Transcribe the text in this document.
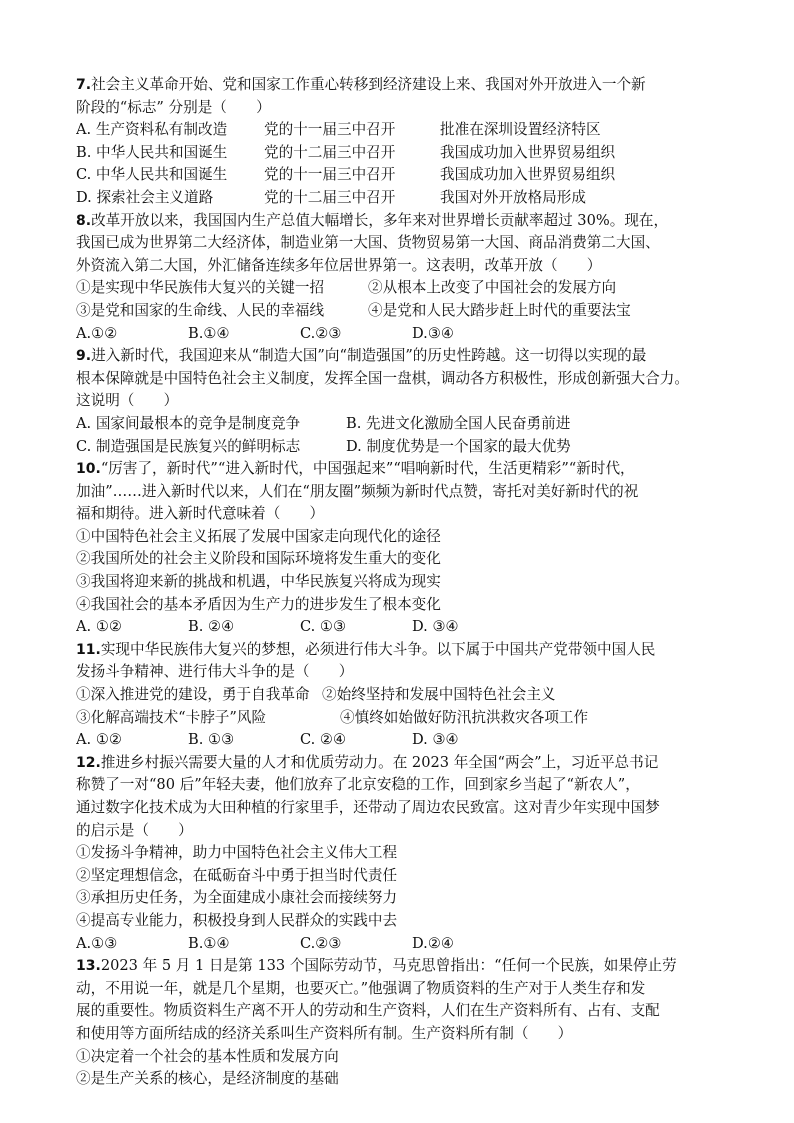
7.社会主义革命开始、党和国家工作重心转移到经济建设上来、我国对外开放进入一个新
阶段的“标志” 分别是（　　）
A. 生产资料私有制改造	党的十一届三中召开	批准在深圳设置经济特区
B. 中华人民共和国诞生	党的十二届三中召开	我国成功加入世界贸易组织
C. 中华人民共和国诞生	党的十一届三中召开	我国成功加入世界贸易组织
D. 探索社会主义道路	党的十二届三中召开	我国对外开放格局形成
8.改革开放以来，我国国内生产总值大幅增长，多年来对世界增长贡献率超过 30%。现在，
我国已成为世界第二大经济体，制造业第一大国、货物贸易第一大国、商品消费第二大国、
外资流入第二大国，外汇储备连续多年位居世界第一。这表明，改革开放（　　）
①是实现中华民族伟大复兴的关键一招	②从根本上改变了中国社会的发展方向
③是党和国家的生命线、人民的幸福线	④是党和人民大踏步赶上时代的重要法宝
A.①②	B.①④	C.②③	D.③④
9.进入新时代，我国迎来从“制造大国”向“制造强国”的历史性跨越。这一切得以实现的最
根本保障就是中国特色社会主义制度，发挥全国一盘棋，调动各方积极性，形成创新强大合力。
这说明（　　）
A. 国家间最根本的竞争是制度竞争	B. 先进文化激励全国人民奋勇前进
C. 制造强国是民族复兴的鲜明标志	D. 制度优势是一个国家的最大优势
10.“厉害了，新时代”“进入新时代，中国强起来”“唱响新时代，生活更精彩”“新时代，
加油”……进入新时代以来，人们在“朋友圈”频频为新时代点赞，寄托对美好新时代的祝
福和期待。进入新时代意味着（　　）
①中国特色社会主义拓展了发展中国家走向现代化的途径
②我国所处的社会主义阶段和国际环境将发生重大的变化
③我国将迎来新的挑战和机遇，中华民族复兴将成为现实
④我国社会的基本矛盾因为生产力的进步发生了根本变化
A. ①②	B. ②④	C. ①③	D. ③④
11.实现中华民族伟大复兴的梦想，必须进行伟大斗争。以下属于中国共产党带领中国人民
发扬斗争精神、进行伟大斗争的是（　　）
①深入推进党的建设，勇于自我革命 ②始终坚持和发展中国特色社会主义
③化解高端技术“卡脖子”风险	④慎终如始做好防汛抗洪救灾各项工作
A. ①②	B. ①③	C. ②④	D. ③④
12.推进乡村振兴需要大量的人才和优质劳动力。在 2023 年全国“两会”上，习近平总书记
称赞了一对“80 后”年轻夫妻，他们放弃了北京安稳的工作，回到家乡当起了“新农人”，
通过数字化技术成为大田种植的行家里手，还带动了周边农民致富。这对青少年实现中国梦
的启示是（　　）
①发扬斗争精神，助力中国特色社会主义伟大工程
②坚定理想信念，在砥砺奋斗中勇于担当时代责任
③承担历史任务，为全面建成小康社会而接续努力
④提高专业能力，积极投身到人民群众的实践中去
A.①③	B.①④	C.②③	D.②④
13.2023 年 5 月 1 日是第 133 个国际劳动节，马克思曾指出：“任何一个民族，如果停止劳
动，不用说一年，就是几个星期，也要灭亡。”他强调了物质资料的生产对于人类生存和发
展的重要性。物质资料生产离不开人的劳动和生产资料，人们在生产资料所有、占有、支配
和使用等方面所结成的经济关系叫生产资料所有制。生产资料所有制（　　）
①决定着一个社会的基本性质和发展方向
②是生产关系的核心，是经济制度的基础
